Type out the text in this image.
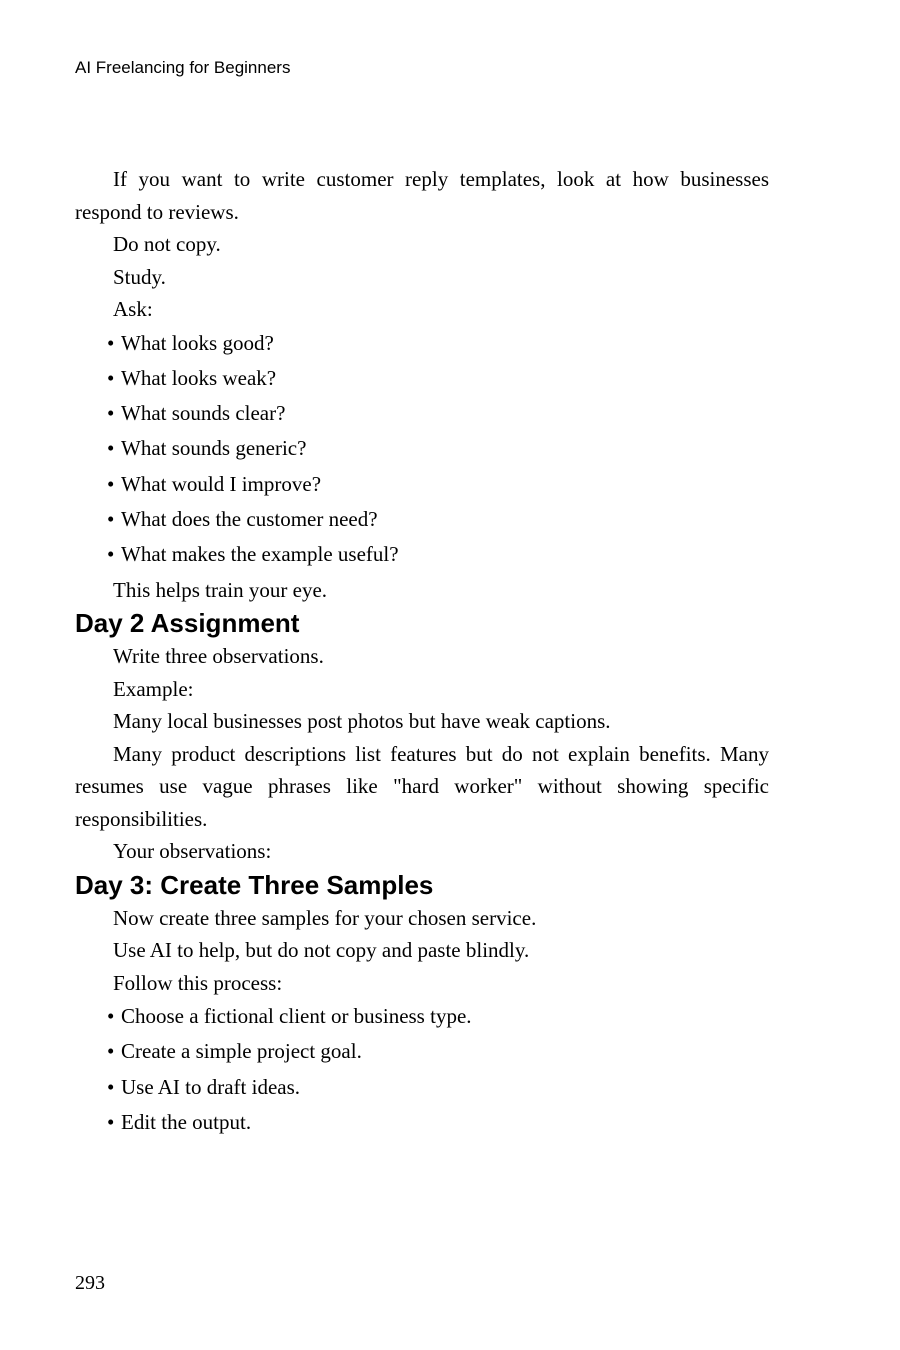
AI Freelancing for Beginners

If you want to write customer reply templates, look at how businesses respond to reviews.

Do not copy.

Study.

Ask:

• What looks good?
• What looks weak?
• What sounds clear?
• What sounds generic?
• What would I improve?
• What does the customer need?
• What makes the example useful?

This helps train your eye.

Day 2 Assignment

Write three observations.

Example:

Many local businesses post photos but have weak captions.

Many product descriptions list features but do not explain benefits. Many resumes use vague phrases like "hard worker" without showing specific responsibilities.

Your observations:

Day 3: Create Three Samples

Now create three samples for your chosen service.

Use AI to help, but do not copy and paste blindly.

Follow this process:

• Choose a fictional client or business type.
• Create a simple project goal.
• Use AI to draft ideas.
• Edit the output.
293
